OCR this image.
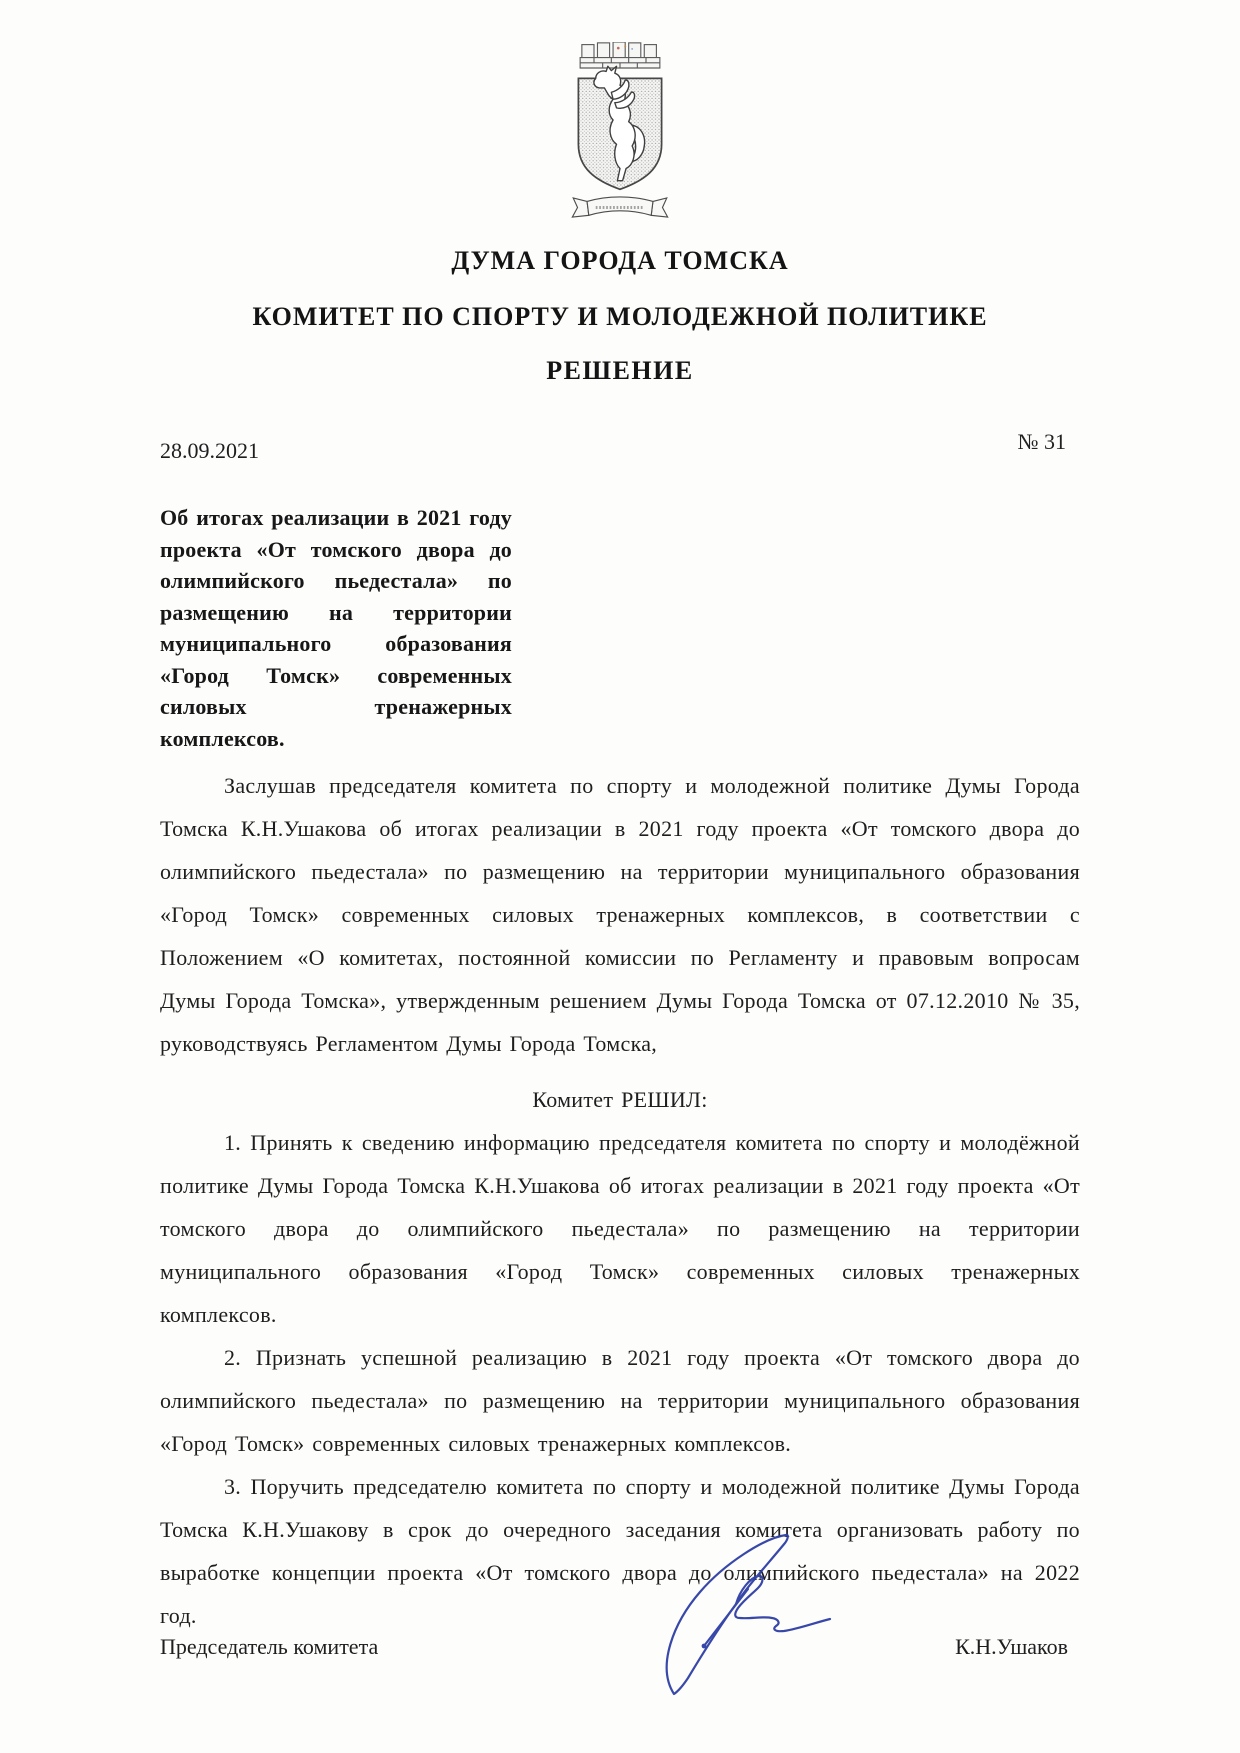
ДУМА ГОРОДА ТОМСКА
КОМИТЕТ ПО СПОРТУ И МОЛОДЕЖНОЙ ПОЛИТИКЕ
РЕШЕНИЕ
28.09.2021	№ 31
Об итогах реализации в 2021 году проекта «От томского двора до олимпийского пьедестала» по размещению на территории муниципального образования «Город Томск» современных силовых тренажерных комплексов.

Заслушав председателя комитета по спорту и молодежной политике Думы Города Томска К.Н.Ушакова об итогах реализации в 2021 году проекта «От томского двора до олимпийского пьедестала» по размещению на территории муниципального образования «Город Томск» современных силовых тренажерных комплексов, в соответствии с Положением «О комитетах, постоянной комиссии по Регламенту и правовым вопросам Думы Города Томска», утвержденным решением Думы Города Томска от 07.12.2010 № 35, руководствуясь Регламентом Думы Города Томска,

Комитет РЕШИЛ:

1. Принять к сведению информацию председателя комитета по спорту и молодёжной политике Думы Города Томска К.Н.Ушакова об итогах реализации в 2021 году проекта «От томского двора до олимпийского пьедестала» по размещению на территории муниципального образования «Город Томск» современных силовых тренажерных комплексов.

2. Признать успешной реализацию в 2021 году проекта «От томского двора до олимпийского пьедестала» по размещению на территории муниципального образования «Город Томск» современных силовых тренажерных комплексов.

3. Поручить председателю комитета по спорту и молодежной политике Думы Города Томска К.Н.Ушакову в срок до очередного заседания комитета организовать работу по выработке концепции проекта «От томского двора до олимпийского пьедестала» на 2022 год.

Председатель комитета	К.Н.Ушаков
